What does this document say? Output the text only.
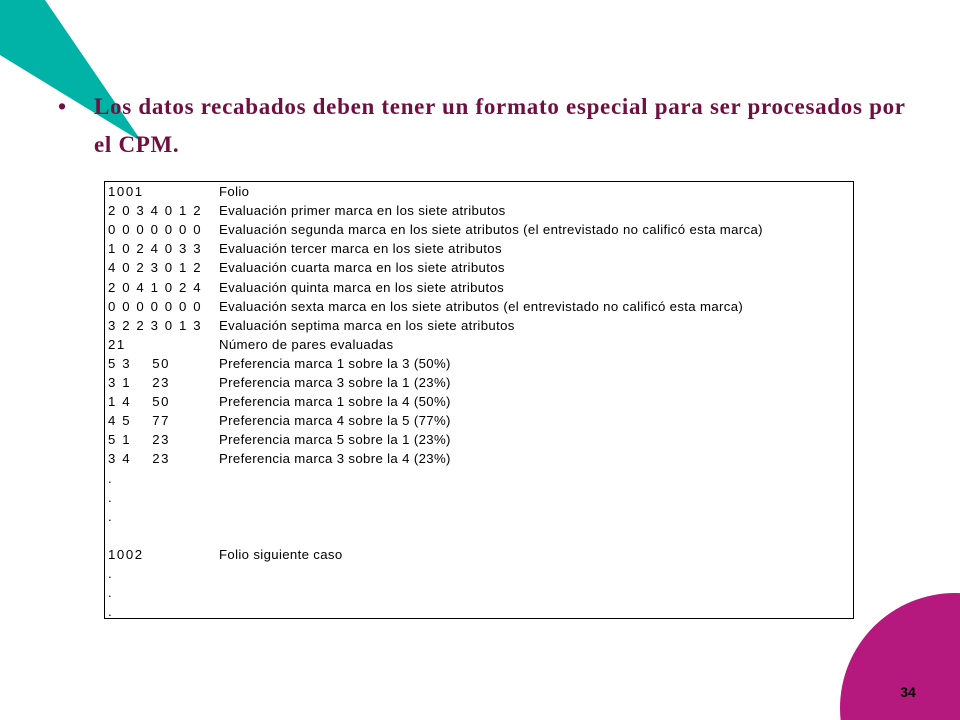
• Los datos recabados deben tener un formato especial para ser procesados por el CPM.
1001	Folio
2 0 3 4 0 1 2 Evaluación primer marca en los siete atributos
0 0 0 0 0 0 0 Evaluación segunda marca en los siete atributos (el entrevistado no calificó esta marca)
1 0 2 4 0 3 3 Evaluación tercer marca en los siete atributos
4 0 2 3 0 1 2 Evaluación cuarta marca en los siete atributos
2 0 4 1 0 2 4 Evaluación quinta marca en los siete atributos
0 0 0 0 0 0 0 Evaluación sexta marca en los siete atributos (el entrevistado no calificó esta marca)
3 2 2 3 0 1 3 Evaluación septima marca en los siete atributos
21	Número de pares evaluadas
5 3    50	Preferencia marca 1 sobre la 3 (50%)
3 1    23	Preferencia marca 3 sobre la 1 (23%)
1 4    50	Preferencia marca 1 sobre la 4 (50%)
4 5    77	Preferencia marca 4 sobre la 5 (77%)
5 1    23	Preferencia marca 5 sobre la 1 (23%)
3 4    23	Preferencia marca 3 sobre la 4 (23%)
.
.
.
1002	Folio siguiente caso
.
.
.
34
